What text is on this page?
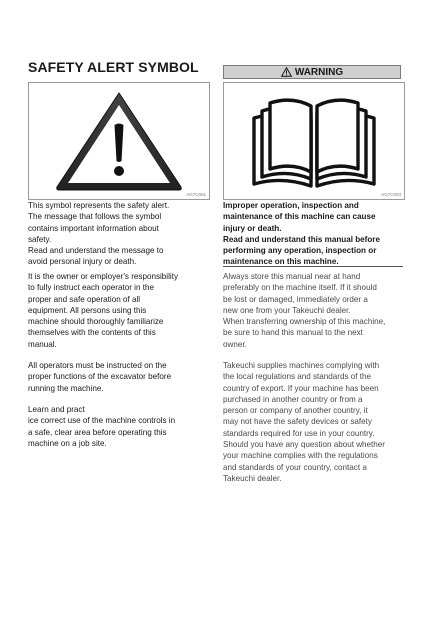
SAFETY ALERT SYMBOL
AG7C001
This symbol represents the safety alert.
The message that follows the symbol
contains important information about
safety.
Read and understand the message to
avoid personal injury or death.
It is the owner or employer's responsibility
to fully instruct each operator in the
proper and safe operation of all
equipment. All persons using this
machine should thoroughly familiarize
themselves with the contents of this
manual.
All operators must be instructed on the
proper functions of the excavator before
running the machine.
Learn and pract
ice correct use of the machine controls in
a safe, clear area before operating this
machine on a job site.
WARNING
AG7C003
Improper operation, inspection and
maintenance of this machine can cause
injury or death.
Read and understand this manual before
performing any operation, inspection or
maintenance on this machine.
Always store this manual near at hand
preferably on the machine itself. If it should
be lost or damaged, immediately order a
new one from your Takeuchi dealer.
When transferring ownership of this machine,
be sure to hand this manual to the next
owner.
Takeuchi supplies machines complying with
the local regulations and standards of the
country of export. If your machine has been
purchased in another country or from a
person or company of another country, it
may not have the safety devices or safety
standards required for use in your country.
Should you have any question about whether
your machine complies with the regulations
and standards of your country, contact a
Takeuchi dealer.
